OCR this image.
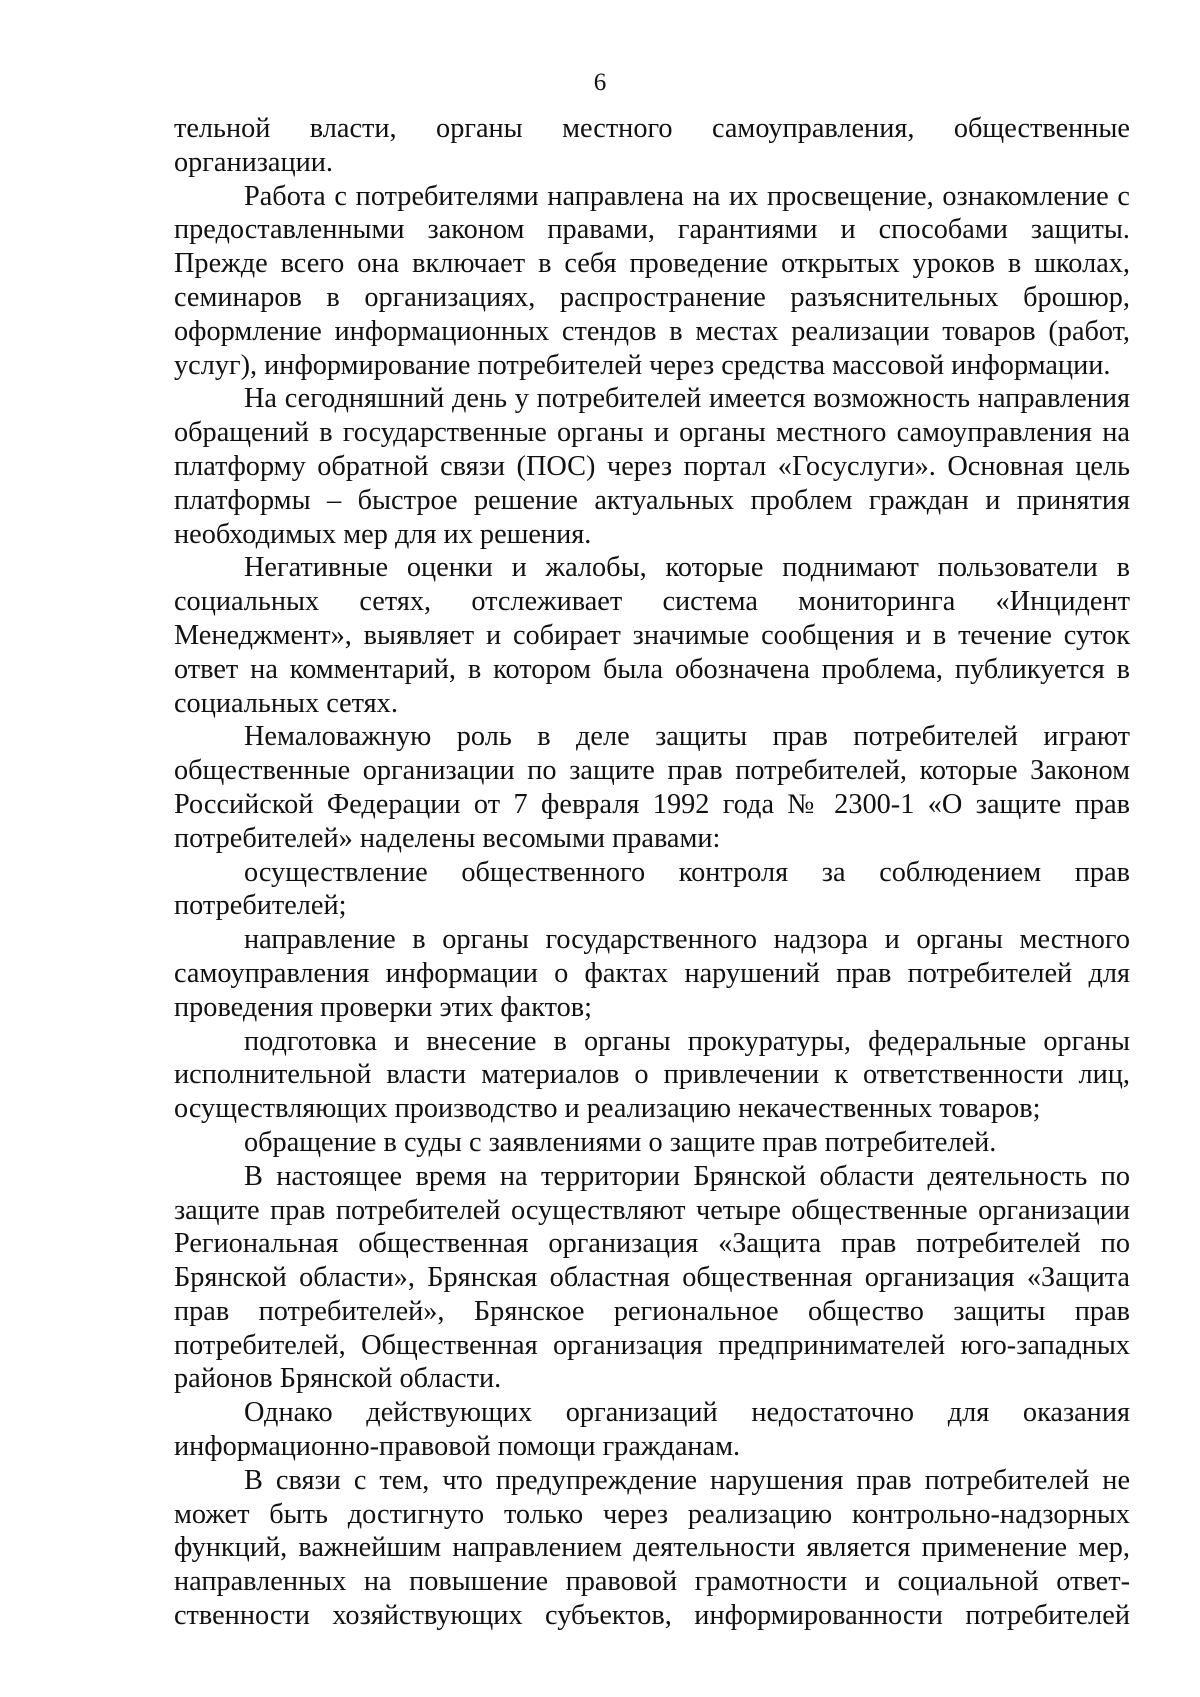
6

тельной власти, органы местного самоуправления, общественные организации.

Работа с потребителями направлена на их просвещение, ознакомление с предоставленными законом правами, гарантиями и способами защиты. Прежде всего она включает в себя проведение открытых уроков в школах, семинаров в организациях, распространение разъяснительных брошюр, оформление информационных стендов в местах реализации товаров (работ, услуг), информирование потребителей через средства массовой информации.

На сегодняшний день у потребителей имеется возможность направления обращений в государственные органы и органы местного самоуправления на платформу обратной связи (ПОС) через портал «Госуслуги». Основная цель платформы – быстрое решение актуальных проблем граждан и принятия необходимых мер для их решения.

Негативные оценки и жалобы, которые поднимают пользователи в социальных сетях, отслеживает система мониторинга «Инцидент Менеджмент», выявляет и собирает значимые сообщения и в течение суток ответ на комментарий, в котором была обозначена проблема, публикуется в социальных сетях.

Немаловажную роль в деле защиты прав потребителей играют общественные организации по защите прав потребителей, которые Законом Российской Федерации от 7 февраля 1992 года № 2300-1 «О защите прав потребителей» наделены весомыми правами:

осуществление общественного контроля за соблюдением прав потребителей;

направление в органы государственного надзора и органы местного самоуправления информации о фактах нарушений прав потребителей для проведения проверки этих фактов;

подготовка и внесение в органы прокуратуры, федеральные органы исполнительной власти материалов о привлечении к ответственности лиц, осуществляющих производство и реализацию некачественных товаров;

обращение в суды с заявлениями о защите прав потребителей.

В настоящее время на территории Брянской области деятельность по защите прав потребителей осуществляют четыре общественные организации Региональная общественная организация «Защита прав потребителей по Брянской области», Брянская областная общественная организация «Защита прав потребителей», Брянское региональное общество защиты прав потребителей, Общественная организация предпринимателей юго-западных районов Брянской области.

Однако действующих организаций недостаточно для оказания информационно-правовой помощи гражданам.

В связи с тем, что предупреждение нарушения прав потребителей не может быть достигнуто только через реализацию контрольно-надзорных функций, важнейшим направлением деятельности является применение мер, направленных на повышение правовой грамотности и социальной ответ-ственности хозяйствующих субъектов, информированности потребителей
